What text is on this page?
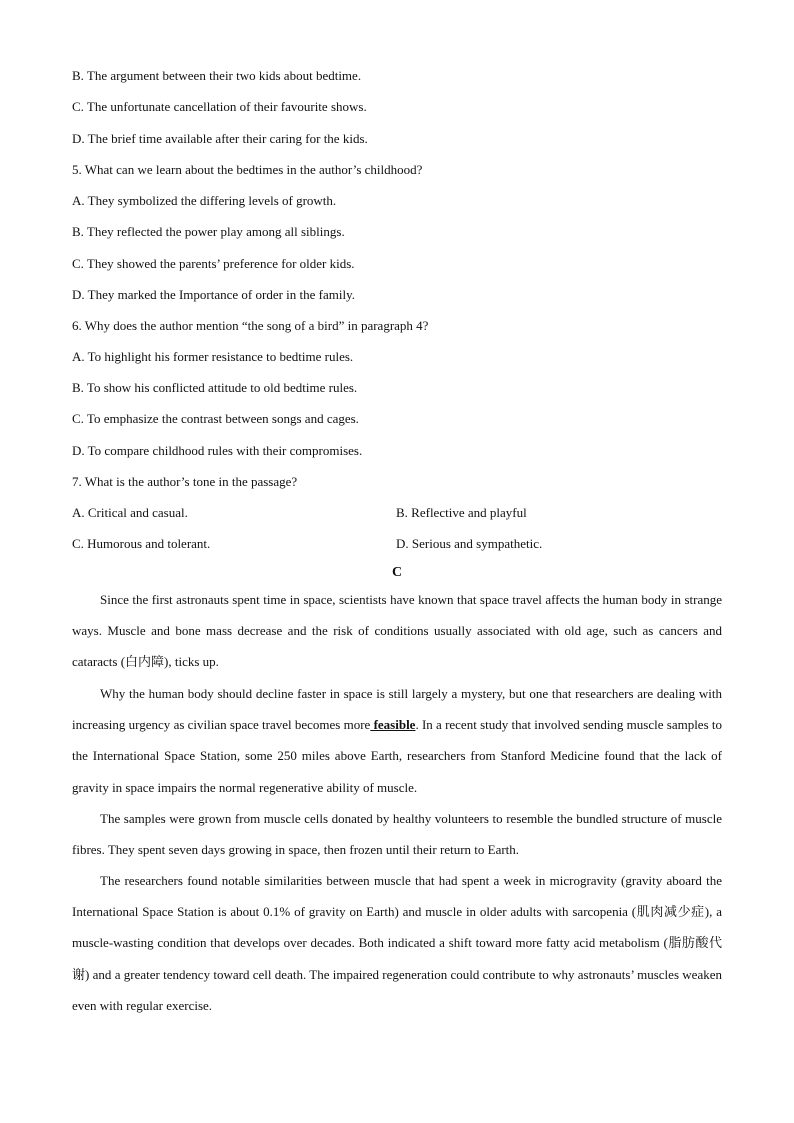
B. The argument between their two kids about bedtime.
C. The unfortunate cancellation of their favourite shows.
D. The brief time available after their caring for the kids.
5. What can we learn about the bedtimes in the author’s childhood?
A. They symbolized the differing levels of growth.
B. They reflected the power play among all siblings.
C. They showed the parents’ preference for older kids.
D. They marked the Importance of order in the family.
6. Why does the author mention “the song of a bird” in paragraph 4?
A. To highlight his former resistance to bedtime rules.
B. To show his conflicted attitude to old bedtime rules.
C. To emphasize the contrast between songs and cages.
D. To compare childhood rules with their compromises.
7. What is the author’s tone in the passage?
A. Critical and casual.	B. Reflective and playful
C. Humorous and tolerant.	D. Serious and sympathetic.
C

Since the first astronauts spent time in space, scientists have known that space travel affects the human body in strange ways. Muscle and bone mass decrease and the risk of conditions usually associated with old age, such as cancers and cataracts (白内障), ticks up.

Why the human body should decline faster in space is still largely a mystery, but one that researchers are dealing with increasing urgency as civilian space travel becomes more feasible. In a recent study that involved sending muscle samples to the International Space Station, some 250 miles above Earth, researchers from Stanford Medicine found that the lack of gravity in space impairs the normal regenerative ability of muscle.

The samples were grown from muscle cells donated by healthy volunteers to resemble the bundled structure of muscle fibres. They spent seven days growing in space, then frozen until their return to Earth.

The researchers found notable similarities between muscle that had spent a week in microgravity (gravity aboard the International Space Station is about 0.1% of gravity on Earth) and muscle in older adults with sarcopenia (肌肉减少症), a muscle-wasting condition that develops over decades. Both indicated a shift toward more fatty acid metabolism (脂肪酸代谢) and a greater tendency toward cell death. The impaired regeneration could contribute to why astronauts’ muscles weaken even with regular exercise.
